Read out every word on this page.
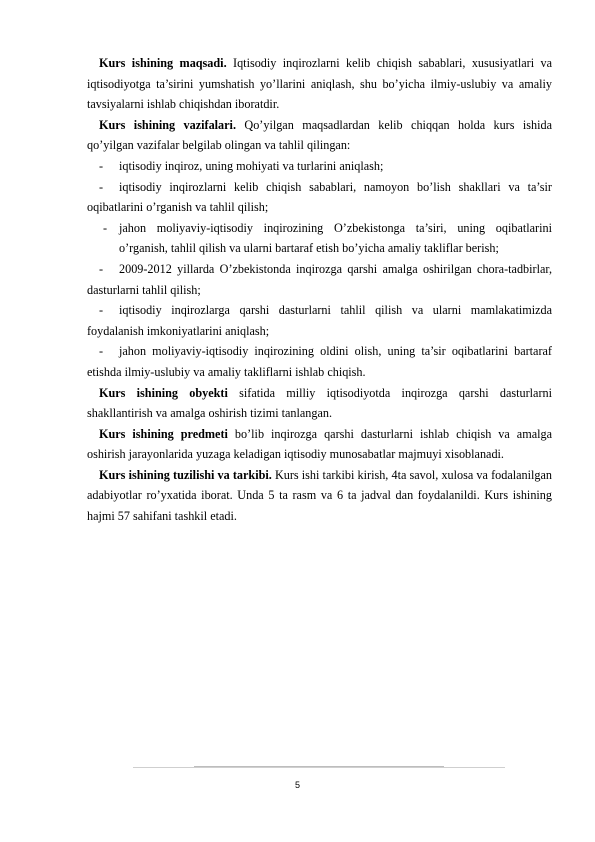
Kurs ishining maqsadi. Iqtisodiy inqirozlarni kelib chiqish sabablari, xususiyatlari va iqtisodiyotga ta’sirini yumshatish yo’llarini aniqlash, shu bo’yicha ilmiy-uslubiy va amaliy tavsiyalarni ishlab chiqishdan iboratdir.

Kurs ishining vazifalari. Qo’yilgan maqsadlardan kelib chiqqan holda kurs ishida qo’yilgan vazifalar belgilab olingan va tahlil qilingan:

- iqtisodiy inqiroz, uning mohiyati va turlarini aniqlash;

- iqtisodiy inqirozlarni kelib chiqish sabablari, namoyon bo’lish shakllari va ta’sir oqibatlarini o’rganish va tahlil qilish;

- jahon moliyaviy-iqtisodiy inqirozining O’zbekistonga ta’siri, uning oqibatlarini o’rganish, tahlil qilish va ularni bartaraf etish bo’yicha amaliy takliflar berish;

- 2009-2012 yillarda O’zbekistonda inqirozga qarshi amalga oshirilgan chora-tadbirlar, dasturlarni tahlil qilish;

- iqtisodiy inqirozlarga qarshi dasturlarni tahlil qilish va ularni mamlakatimizda foydalanish imkoniyatlarini aniqlash;

- jahon moliyaviy-iqtisodiy inqirozining oldini olish, uning ta’sir oqibatlarini bartaraf etishda ilmiy-uslubiy va amaliy takliflarni ishlab chiqish.

Kurs ishining obyekti sifatida milliy iqtisodiyotda inqirozga qarshi dasturlarni shakllantirish va amalga oshirish tizimi tanlangan.

Kurs ishining predmeti bo’lib inqirozga qarshi dasturlarni ishlab chiqish va amalga oshirish jarayonlarida yuzaga keladigan iqtisodiy munosabatlar majmuyi xisoblanadi.

Kurs ishining tuzilishi va tarkibi. Kurs ishi tarkibi kirish, 4ta savol, xulosa va fodalanilgan adabiyotlar ro’yxatida iborat. Unda 5 ta rasm va 6 ta jadval dan foydalanildi. Kurs ishining hajmi 57 sahifani tashkil etadi.

5
